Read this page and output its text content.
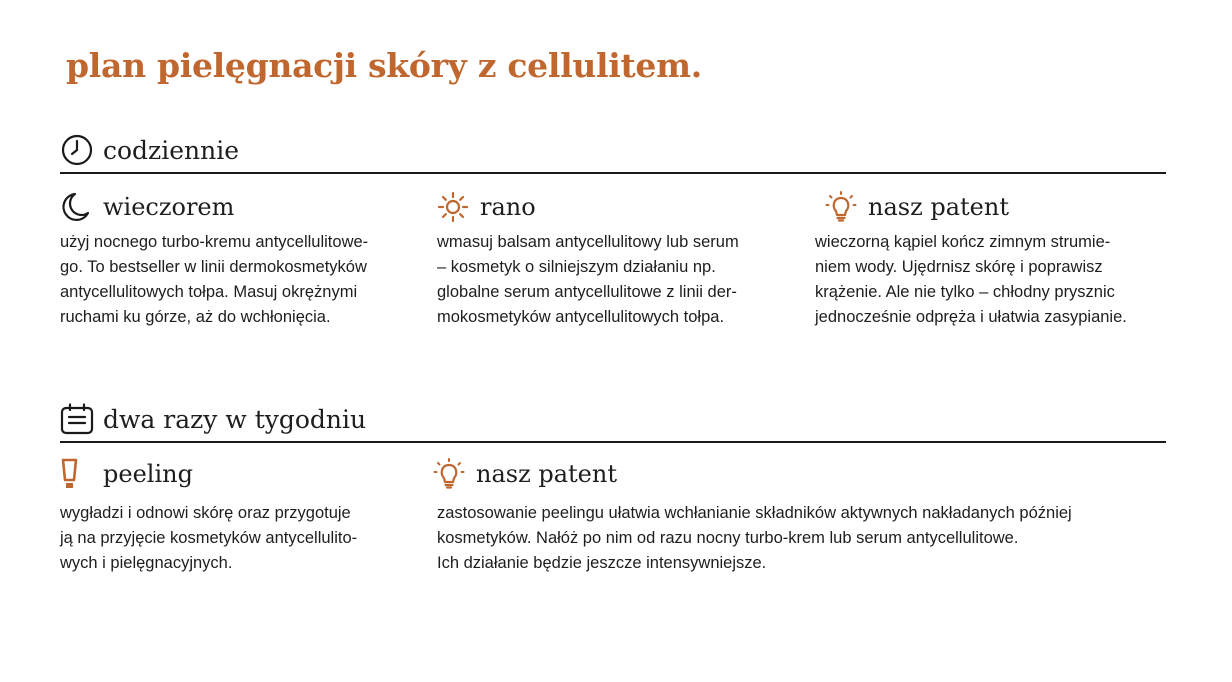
plan pielęgnacji skóry z cellulitem.
codziennie
wieczorem

użyj nocnego turbo-kremu antycellulitowe-
go. To bestseller w linii dermokosmetyków
antycellulitowych tołpa. Masuj okrężnymi
ruchami ku górze, aż do wchłonięcia.

rano

wmasuj balsam antycellulitowy lub serum
– kosmetyk o silniejszym działaniu np.
globalne serum antycellulitowe z linii der-
mokosmetyków antycellulitowych tołpa.

nasz patent

wieczorną kąpiel kończ zimnym strumie-
niem wody. Ujędrnisz skórę i poprawisz
krążenie. Ale nie tylko – chłodny prysznic
jednocześnie odpręża i ułatwia zasypianie.

dwa razy w tygodniu
peeling

wygładzi i odnowi skórę oraz przygotuje
ją na przyjęcie kosmetyków antycellulito-
wych i pielęgnacyjnych.

nasz patent

zastosowanie peelingu ułatwia wchłanianie składników aktywnych nakładanych później
kosmetyków. Nałóż po nim od razu nocny turbo-krem lub serum antycellulitowe.
Ich działanie będzie jeszcze intensywniejsze.
